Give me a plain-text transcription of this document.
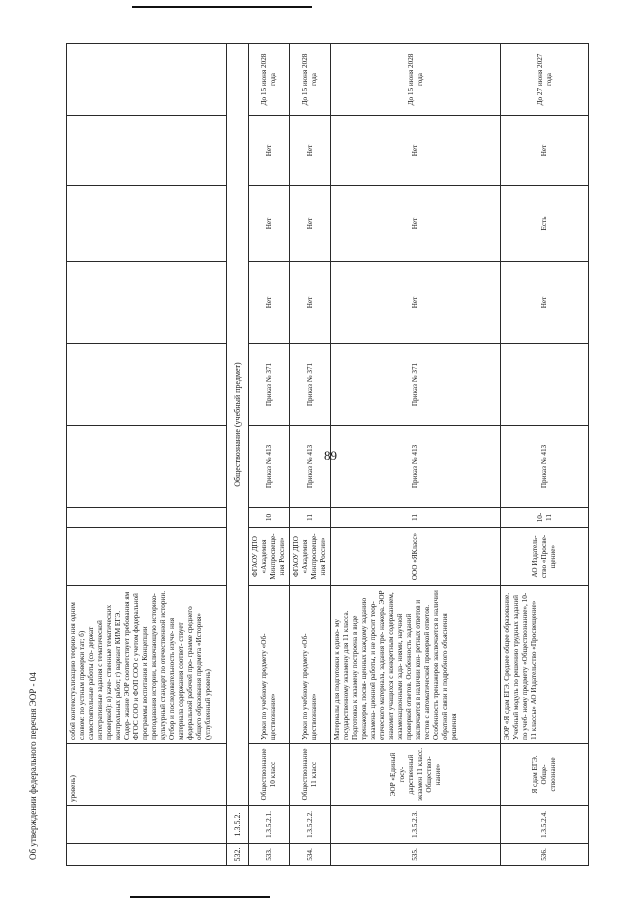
89
Об утверждении федерального перечня ЭОР - 04
			уровень)	собой контекстуализацию теорию ния одним словом: по устным проверки тат; б) самостоятельные работы (со- держат интегративные задания с тематической проверкой): в) каче- ственные тематических контрольных работ; г) вариант КИМ ЕГЭ. Содер- жание ЭОР соответствует требования ям ФГОС СОО и ФОП СОО с учетом федеральной программы воспитания и Концепции преподавания истории, включающую историко-культурный стандарт по отечественной истории. Отбор и последовательность изуче- ния материала содержания соответ- ствует федеральной рабочей про- грамме среднего общего образования предмета «История» (углубленный уровень)								
532.	1.3.5.2.	Обществознание (учебный предмет)									
533.	1.3.5.2.1.	Обществознание 10 класс	Уроки по учебному предмету «Об- ществознание»	ФГАОУ ДПО «Академия Минпросвеще- ния России»	10	Приказ № 413	Приказ № 371	Нет	Нет	Нет	До 15 июня 2028 года
534.	1.3.5.2.2.	Обществознание 11 класс	Уроки по учебному предмету «Об- ществознание»	ФГАОУ ДПО «Академия Минпросвеще- ния России»	11	Приказ № 413	Приказ № 371	Нет	Нет	Нет	До 15 июня 2028 года
535.	1.3.5.2.3.	ЭОР «Единый госу- дарственный экзамен 11 класс. Обществоз- нание»	Материалы для подготовки к едино- му государственному экзамену для 11 класса. Подготовка к экзамену построена в виде тренажеров, посвя- щенных каждому заданию экзамена- ционной работы, и не просит теор- етического материала, задания тре- нажера. ЭОР знакомит учащихся с конкретным содержанием, экзаменационными зада- ниями, научной проверкой ответов. Особенность заданий заключается в наличии кон- ретных ответов и тестов с автоматической проверкой ответов. Особенность тренажеров заключается в наличии обратной связи и подробного объяснения решения	ООО «ЯКласс»	11	Приказ № 413	Приказ № 371	Нет	Нет	Нет	До 15 июня 2028 года
536.	1.3.5.2.4.	Я сдам ЕГЭ. Обще- ствознание	ЭОР «Я сдам ЕГЭ. Среднее общее образование. Учебный модуль по решению трудных заданий по учеб- ному предмету «Обществознание», 10-11 классы» АО Издательство «Просвещение»	АО Издатель- ство «Просве- щение»	10-11	Приказ № 413		Нет	Есть	Нет	До 27 июня 2027 года
